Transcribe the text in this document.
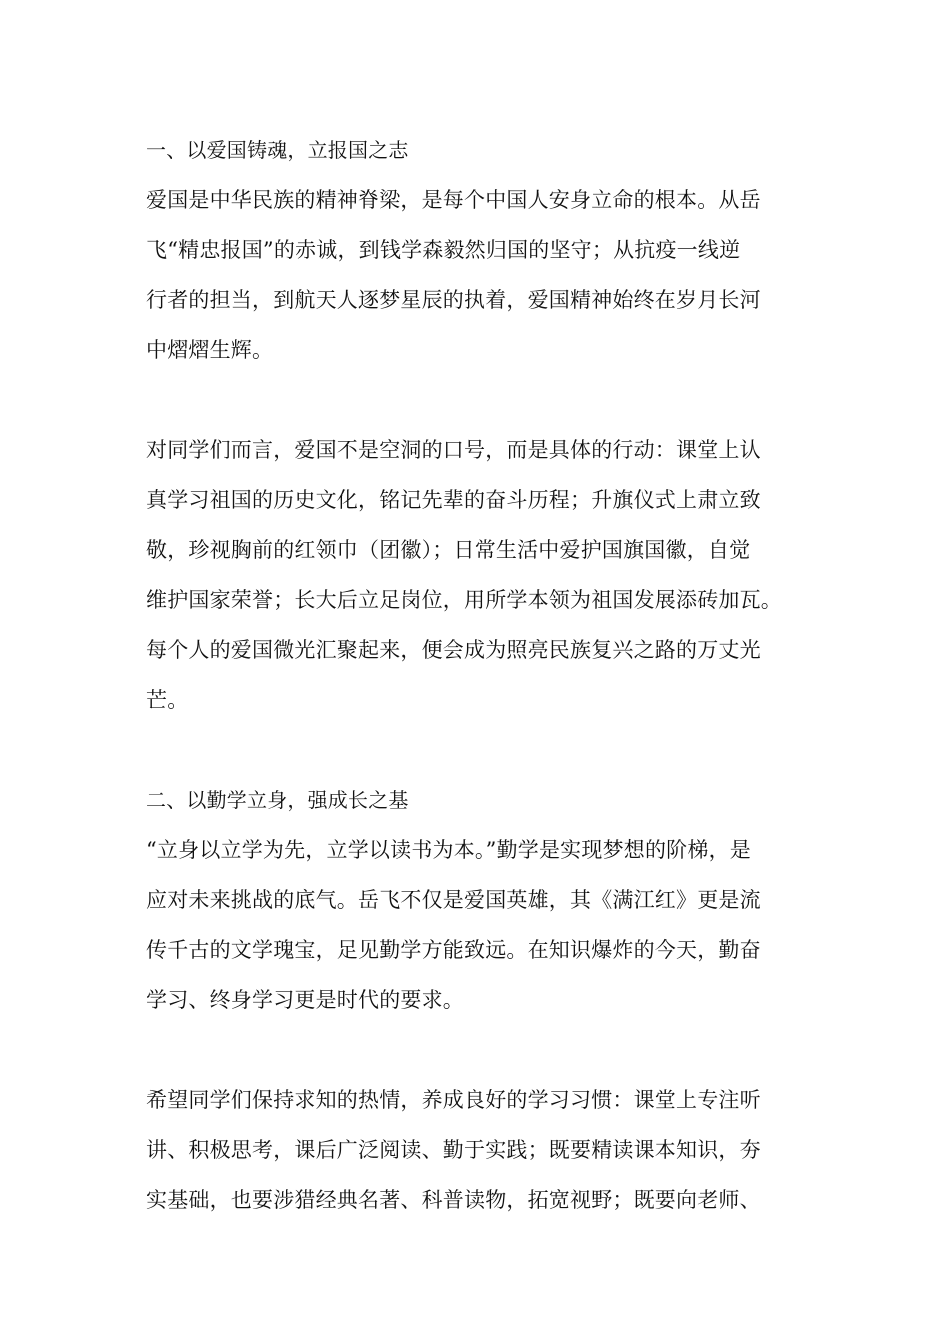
一、以爱国铸魂，立报国之志
爱国是中华民族的精神脊梁，是每个中国人安身立命的根本。从岳
飞“精忠报国”的赤诚，到钱学森毅然归国的坚守；从抗疫一线逆
行者的担当，到航天人逐梦星辰的执着，爱国精神始终在岁月长河
中熠熠生辉。
对同学们而言，爱国不是空洞的口号，而是具体的行动：课堂上认
真学习祖国的历史文化，铭记先辈的奋斗历程；升旗仪式上肃立致
敬，珍视胸前的红领巾（团徽）；日常生活中爱护国旗国徽，自觉
维护国家荣誉；长大后立足岗位，用所学本领为祖国发展添砖加瓦。
每个人的爱国微光汇聚起来，便会成为照亮民族复兴之路的万丈光
芒。
二、以勤学立身，强成长之基
“立身以立学为先，立学以读书为本。”勤学是实现梦想的阶梯，是
应对未来挑战的底气。岳飞不仅是爱国英雄，其《满江红》更是流
传千古的文学瑰宝，足见勤学方能致远。在知识爆炸的今天，勤奋
学习、终身学习更是时代的要求。
希望同学们保持求知的热情，养成良好的学习习惯：课堂上专注听
讲、积极思考，课后广泛阅读、勤于实践；既要精读课本知识，夯
实基础，也要涉猎经典名著、科普读物，拓宽视野；既要向老师、
